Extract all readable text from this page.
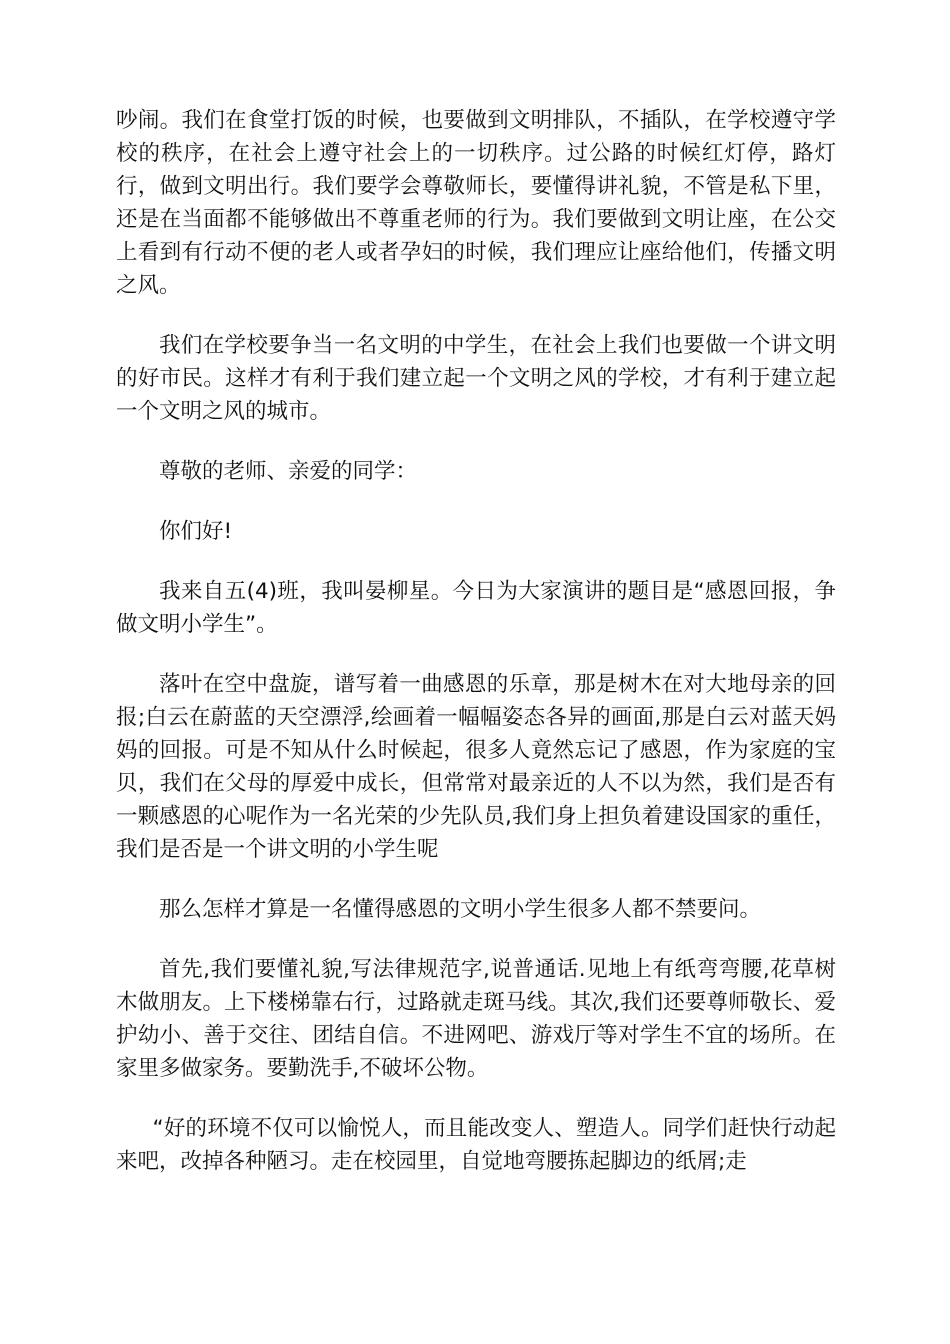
吵闹。我们在食堂打饭的时候，也要做到文明排队，不插队，在学校遵守学校的秩序，在社会上遵守社会上的一切秩序。过公路的时候红灯停，路灯行，做到文明出行。我们要学会尊敬师长，要懂得讲礼貌，不管是私下里，还是在当面都不能够做出不尊重老师的行为。我们要做到文明让座，在公交上看到有行动不便的老人或者孕妇的时候，我们理应让座给他们，传播文明之风。

我们在学校要争当一名文明的中学生，在社会上我们也要做一个讲文明的好市民。这样才有利于我们建立起一个文明之风的学校，才有利于建立起一个文明之风的城市。

尊敬的老师、亲爱的同学：

你们好!

我来自五(4)班，我叫晏柳星。今日为大家演讲的题目是“感恩回报，争做文明小学生”。

落叶在空中盘旋，谱写着一曲感恩的乐章，那是树木在对大地母亲的回报;白云在蔚蓝的天空漂浮,绘画着一幅幅姿态各异的画面,那是白云对蓝天妈妈的回报。可是不知从什么时候起，很多人竟然忘记了感恩，作为家庭的宝贝，我们在父母的厚爱中成长，但常常对最亲近的人不以为然，我们是否有一颗感恩的心呢作为一名光荣的少先队员,我们身上担负着建设国家的重任，我们是否是一个讲文明的小学生呢

那么怎样才算是一名懂得感恩的文明小学生很多人都不禁要问。

首先,我们要懂礼貌,写法律规范字,说普通话.见地上有纸弯弯腰,花草树木做朋友。上下楼梯靠右行，过路就走斑马线。其次,我们还要尊师敬长、爱护幼小、善于交往、团结自信。不进网吧、游戏厅等对学生不宜的场所。在家里多做家务。要勤洗手,不破坏公物。

“好的环境不仅可以愉悦人，而且能改变人、塑造人。同学们赶快行动起来吧，改掉各种陋习。走在校园里，自觉地弯腰拣起脚边的纸屑;走
